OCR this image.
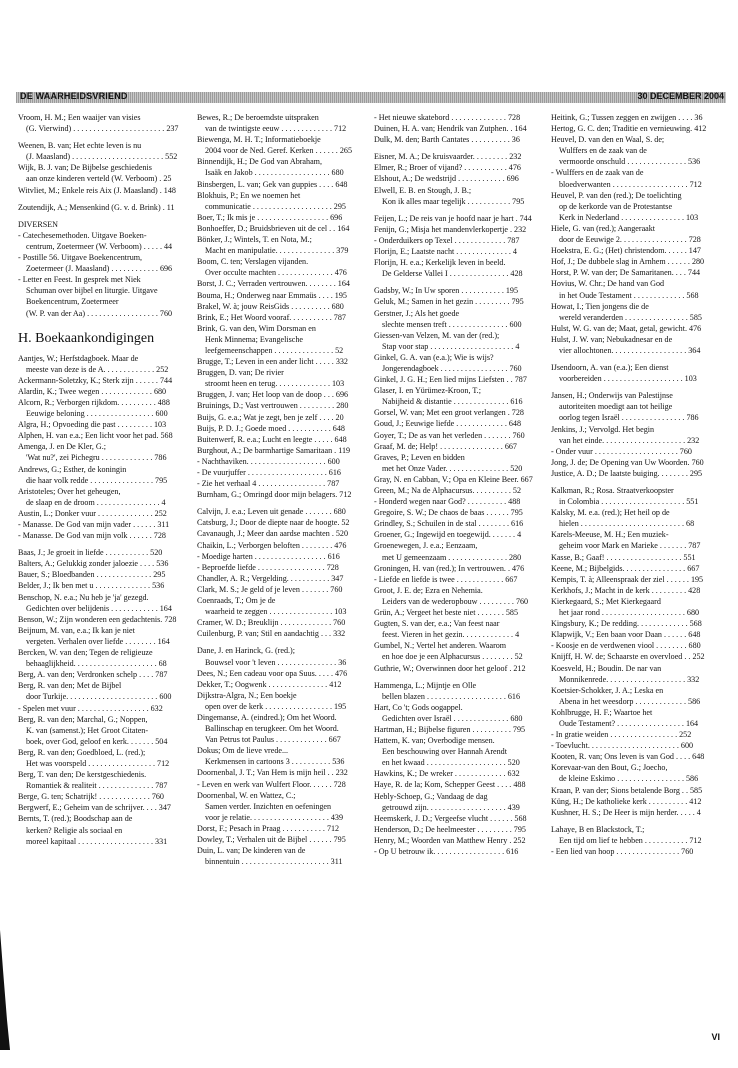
DE WAARHEIDSVRIEND	30 DECEMBER 2004
Vroom, H. M.; Een waaijer van visies
(G. Vierwind) . . . . . . . . . . . . . . . . . . . . . . . 237
Weenen, B. van; Het echte leven is nu
(J. Maasland) . . . . . . . . . . . . . . . . . . . . . . . 552
Wijk, B. J. van; De Bijbelse geschiedenis
aan onze kinderen verteld (W. Verboom) . 25
Witvliet, M.; Enkele reis Aix (J. Maasland) . 148
Zoutendijk, A.; Mensenkind (G. v. d. Brink) . 11
DIVERSEN
- Catechesemethoden. Uitgave Boeken-
centrum, Zoetermeer (W. Verboom) . . . . . 44
- Postille 56. Uitgave Boekencentrum,
Zoetermeer (J. Maasland) . . . . . . . . . . . . 696
- Letter en Feest. In gesprek met Niek
Schuman over bijbel en liturgie. Uitgave
Boekencentrum, Zoetermeer
(W. P. van der Aa) . . . . . . . . . . . . . . . . . . 760
H. Boekaankondigingen
Aantjes, W.; Herfstdagboek. Maar de
meeste van deze is de A. . . . . . . . . . . . . 252
Ackermann-Soletzky, K.; Sterk zijn . . . . . . 744
Alardin, K.; Twee wegen . . . . . . . . . . . . . 680
Alcorn, R.; Verborgen rijkdom. . . . . . . . . . 488
Eeuwige beloning . . . . . . . . . . . . . . . . . 600
Algra, H.; Opvoeding die past . . . . . . . . . 103
Alphen, H. van e.a.; Een licht voor het pad. 568
Amenga, J. en De Kler, G.;
'Wat nu?', zei Pichegru . . . . . . . . . . . . . 786
Andrews, G.; Esther, de koningin
die haar volk redde . . . . . . . . . . . . . . . . 795
Aristoteles; Over het geheugen,
de slaap en de droom . . . . . . . . . . . . . . . . 4
Austin, L.; Donker vuur . . . . . . . . . . . . . . 252
- Manasse. De God van mijn vader . . . . . . 311
- Manasse. De God van mijn volk . . . . . . 728
Baas, J.; Je groeit in liefde . . . . . . . . . . . 520
Balters, A.; Gelukkig zonder jaloezie . . . . 536
Bauer, S.; Bloedbanden . . . . . . . . . . . . . . 295
Belder, J.; Ik ben met u . . . . . . . . . . . . . . 536
Benschop, N. e.a.; Nu heb je 'ja' gezegd.
Gedichten over belijdenis . . . . . . . . . . . . 164
Benson, W.; Zijn wonderen een gedachtenis. 728
Beijnum, M. van, e.a.; Ik kan je niet
vergeten. Verhalen over liefde . . . . . . . . 164
Bercken, W. van den; Tegen de religieuze
behaaglijkheid. . . . . . . . . . . . . . . . . . . . . 68
Berg, A. van den; Verdronken schelp . . . . 787
Berg, R. van den; Met de Bijbel
door Turkije. . . . . . . . . . . . . . . . . . . . . . . 600
- Spelen met vuur . . . . . . . . . . . . . . . . . . 632
Berg, R. van den; Marchal, G.; Noppen,
K. van (samenst.); Het Groot Citaten-
boek, over God, geloof en kerk. . . . . . . 504
Berg, R. van den; Goedbloed, L. (red.);
Het was voorspeld . . . . . . . . . . . . . . . . . 712
Berg, T. van den; De kerstgeschiedenis.
Romantiek & realiteit . . . . . . . . . . . . . . 787
Berge, G. ten; Schatrijk! . . . . . . . . . . . . . 760
Bergwerf, E.; Geheim van de schrijver. . . . 347
Bernts, T. (red.); Boodschap aan de
kerken? Religie als sociaal en
moreel kapitaal . . . . . . . . . . . . . . . . . . . 331
Bewes, R.; De beroemdste uitspraken
van de twintigste eeuw . . . . . . . . . . . . . 712
Biewenga, M. H. T.; Informatieboekje
2004 voor de Ned. Geref. Kerken . . . . . . 265
Binnendijk, H.; De God van Abraham,
Isaäk en Jakob . . . . . . . . . . . . . . . . . . . 680
Binsbergen, L. van; Gek van guppies . . . . 648
Blokhuis, P.; En we noemen het
communicatie . . . . . . . . . . . . . . . . . . . . 295
Boer, T.; Ik mis je . . . . . . . . . . . . . . . . . . 696
Bonhoeffer, D.; Bruidsbrieven uit de cel . . 164
Bönker, J.; Wintels, T. en Nota, M.;
Macht en manipulatie. . . . . . . . . . . . . . . 379
Boom, C. ten; Verslagen vijanden.
Over occulte machten . . . . . . . . . . . . . . 476
Borst, J. C.; Verraden vertrouwen. . . . . . . . 164
Bouma, H.; Onderweg naar Emmaüs . . . . 195
Brakel, W. à; jouw ReisGids . . . . . . . . . . 680
Brink, E.; Het Woord vooraf. . . . . . . . . . . 787
Brink, G. van den, Wim Dorsman en
Henk Minnema; Evangelische
leefgemeenschappen . . . . . . . . . . . . . . . 52
Brugge, T.; Leven in een ander licht . . . . . 332
Bruggen, D. van; De rivier
stroomt heen en terug. . . . . . . . . . . . . . 103
Bruggen, J. van; Het loop van de doop . . . 696
Bruinings, D.; Vast vertrouwen . . . . . . . . . 280
Buijs, G. e.a.; Wat je zegt, ben je zelf . . . . 20
Buijs, P. D. J.; Goede moed . . . . . . . . . . . 648
Buitenwerf, R. e.a.; Lucht en leegte . . . . . 648
Burghout, A.; De barmhartige Samaritaan . 119
- Nachthaviken. . . . . . . . . . . . . . . . . . . . 600
- De vuurjuffer . . . . . . . . . . . . . . . . . . . . 616
- Zie het verhaal 4 . . . . . . . . . . . . . . . . . 787
Burnham, G.; Omringd door mijn belagers. 712
Calvijn, J. e.a.; Leven uit genade . . . . . . . 680
Catsburg, J.; Door de diepte naar de hoogte. 52
Cavanaugh, J.; Meer dan aardse machten . 520
Chaikin, L.; Verborgen beloften . . . . . . . . 476
- Moedige harten . . . . . . . . . . . . . . . . . . 616
- Beproefde liefde . . . . . . . . . . . . . . . . . 728
Chandler, A. R.; Vergelding. . . . . . . . . . . 347
Clark, M. S.; Je geld of je leven . . . . . . . 760
Coenraads, T.; Om je de
waarheid te zeggen . . . . . . . . . . . . . . . . 103
Cramer, W. D.; Breuklijn . . . . . . . . . . . . . 760
Cuilenburg, P. van; Stil en aandachtig . . . 332
Dane, J. en Harinck, G. (red.);
Bouwsel voor 't leven . . . . . . . . . . . . . . . 36
Dees, N.; Een cadeau voor opa Suus. . . . . 476
Dekker, T.; Oogwenk . . . . . . . . . . . . . . . 412
Dijkstra-Algra, N.; Een boekje
open over de kerk . . . . . . . . . . . . . . . . . 195
Dingemanse, A. (eindred.); Om het Woord.
Ballinschap en terugkeer. Om het Woord.
Van Petrus tot Paulus . . . . . . . . . . . . . 667
Dokus; Om de lieve vrede...
Kerkmensen in cartoons 3 . . . . . . . . . . 536
Doornenbal, J. T.; Van Hem is mijn heil . . 232
- Leven en werk van Wulfert Floor. . . . . . 728
Doornenbal, W. en Wattez, C.;
Samen verder. Inzichten en oefeningen
voor je relatie. . . . . . . . . . . . . . . . . . . . 439
Dorst, F.; Pesach in Praag . . . . . . . . . . . 712
Dowley, T.; Verhalen uit de Bijbel . . . . . . 795
Duin, L. van; De kinderen van de
binnentuin . . . . . . . . . . . . . . . . . . . . . . 311
- Het nieuwe skatebord . . . . . . . . . . . . . . 728
Duinen, H. A. van; Hendrik van Zutphen. . 164
Dulk, M. den; Barth Cantates . . . . . . . . . . 36
Eisner, M. A.; De kruisvaarder. . . . . . . . . 232
Elmer, R.; Broer of vijand? . . . . . . . . . . . 476
Elshout, A.; De wedstrijd . . . . . . . . . . . . 696
Elwell, E. B. en Stough, J. B.;
Kon ik alles maar tegelijk . . . . . . . . . . . 795
Feijen, L.; De reis van je hoofd naar je hart . 744
Fenijn, G.; Misja het mandenvlerkopertje . 232
- Onderduikers op Texel . . . . . . . . . . . . . 787
Florijn, E.; Laatste nacht . . . . . . . . . . . . . . 4
Florijn, H. e.a.; Kerkelijk leven in beeld.
De Gelderse Vallei I . . . . . . . . . . . . . . . 428
Gadsby, W.; In Uw sporen . . . . . . . . . . . 195
Geluk, M.; Samen in het gezin . . . . . . . . . 795
Gerstner, J.; Als het goede
slechte mensen treft . . . . . . . . . . . . . . . 600
Giessen-van Velzen, M. van der (red.);
Stap voor stap . . . . . . . . . . . . . . . . . . . . . 4
Ginkel, G. A. van (e.a.); Wie is wijs?
Jongerendagboek . . . . . . . . . . . . . . . . . 760
Ginkel, J. G. H.; Een lied mijns Liefsten . . 787
Glaser, I. en Yürümez-Kroon, T.;
Nabijheid & distantie . . . . . . . . . . . . . . 616
Gorsel, W. van; Met een groot verlangen . 728
Goud, J.; Eeuwige liefde . . . . . . . . . . . . . 648
Goyer, T.; De as van het verleden . . . . . . . 760
Graaf, M. de; Help! . . . . . . . . . . . . . . . . 667
Graves, P.; Leven en bidden
met het Onze Vader. . . . . . . . . . . . . . . . 520
Gray, N. en Cabban, V.; Opa en Kleine Beer. 667
Green, M.; Na de Alphacursus. . . . . . . . . . 52
- Honderd wegen naar God? . . . . . . . . . . 488
Gregoire, S. W.; De chaos de baas . . . . . . 795
Grindley, S.; Schuilen in de stal . . . . . . . . 616
Groener, G.; Ingewijd en toegewijd. . . . . . . 4
Groenewegen, J. e.a.; Eenzaam,
met U gemeenzaam . . . . . . . . . . . . . . . 280
Groningen, H. van (red.); In vertrouwen. . 476
- Liefde en liefde is twee . . . . . . . . . . . . 667
Groot, J. E. de; Ezra en Nehemia.
Leiders van de wederopbouw . . . . . . . . . 760
Grün, A.; Vergeet het beste niet . . . . . . . 585
Gugten, S. van der, e.a.; Van feest naar
feest. Vieren in het gezin. . . . . . . . . . . . . 4
Gumbel, N.; Vertel het anderen. Waarom
en hoe doe je een Alphacursus . . . . . . . . 52
Guthrie, W.; Overwinnen door het geloof . 212
Hammenga, L.; Mijntje en Olle
bellen blazen . . . . . . . . . . . . . . . . . . . . 616
Hart, Co 't; Gods oogappel.
Gedichten over Israël . . . . . . . . . . . . . . 680
Hartman, H.; Bijbelse figuren . . . . . . . . . . 795
Hattem, K. van; Overbodige mensen.
Een beschouwing over Hannah Arendt
en het kwaad . . . . . . . . . . . . . . . . . . . . 520
Hawkins, K.; De wreker . . . . . . . . . . . . . 632
Haye, R. de la; Kom, Schepper Geest . . . . 488
Hebly-Schoep, G.; Vandaag de dag
getrouwd zijn. . . . . . . . . . . . . . . . . . . . 439
Heemskerk, J. D.; Vergeefse vlucht . . . . . . 568
Henderson, D.; De heelmeester . . . . . . . . . 795
Henry, M.; Woorden van Matthew Henry . 252
- Op U betrouw ik. . . . . . . . . . . . . . . . . . 616
Heitink, G.; Tussen zeggen en zwijgen . . . . 36
Hertog, G. C. den; Traditie en vernieuwing. 412
Heuvel, D. van den en Waal, S. de;
Wulffers en de zaak van de
vermoorde onschuld . . . . . . . . . . . . . . . 536
- Wulffers en de zaak van de
bloedverwanten . . . . . . . . . . . . . . . . . . . 712
Heuvel, P. van den (red.); De toelichting
op de kerkorde van de Protestantse
Kerk in Nederland . . . . . . . . . . . . . . . . 103
Hiele, G. van (red.); Aangeraakt
door de Eeuwige 2. . . . . . . . . . . . . . . . . 728
Hoekstra, E. G.; (Het) christendom. . . . . . 147
Hof, J.; De dubbele slag in Arnhem . . . . . . 280
Horst, P. W. van der; De Samaritanen. . . . 744
Hovius, W. Chr.; De hand van God
in het Oude Testament . . . . . . . . . . . . . 568
Howat, I.; Tien jongens die de
wereld veranderden . . . . . . . . . . . . . . . . 585
Hulst, W. G. van de; Maat, getal, gewicht. 476
Hulst, J. W. van; Nebukadnesar en de
vier allochtonen. . . . . . . . . . . . . . . . . . . 364
IJsendoorn, A. van (e.a.); Een dienst
voorbereiden . . . . . . . . . . . . . . . . . . . . 103
Jansen, H.; Onderwijs van Palestijnse
autoriteiten moedigt aan tot heilige
oorlog tegen Israël . . . . . . . . . . . . . . . . 786
Jenkins, J.; Vervolgd. Het begin
van het einde. . . . . . . . . . . . . . . . . . . . . 232
- Onder vuur . . . . . . . . . . . . . . . . . . . . . 760
Jong, J. de; De Opening van Uw Woorden. 760
Justice, A. D.; De laatste buiging. . . . . . . . 295
Kalkman, R.; Rosa. Straatverkoopster
in Colombia . . . . . . . . . . . . . . . . . . . . . 551
Kalsky, M. e.a. (red.); Het heil op de
hielen . . . . . . . . . . . . . . . . . . . . . . . . . . 68
Karels-Meeuse, M. H.; Een muziek-
geheim voor Mark en Marieke . . . . . . . 787
Kasse, B.; Gaaf! . . . . . . . . . . . . . . . . . . . 551
Keene, M.; Bijbelgids. . . . . . . . . . . . . . . . 667
Kempis, T. à; Alleenspraak der ziel . . . . . . 195
Kerkhofs, J.; Macht in de kerk . . . . . . . . . 428
Kierkegaard, S.; Met Kierkegaard
het jaar rond . . . . . . . . . . . . . . . . . . . . . 680
Kingsbury, K.; De redding. . . . . . . . . . . . . 568
Klapwijk, V.; Een baan voor Daan . . . . . . 648
- Koosje en de verdwenen viool . . . . . . . . 680
Knijff, H. W. de; Schaarste en overvloed . . 252
Koesveld, H.; Boudin. De nar van
Monnikenrede. . . . . . . . . . . . . . . . . . . . 332
Koetsier-Schokker, J. A.; Leska en
Abena in het weesdorp . . . . . . . . . . . . . 586
Kohlbrugge, H. F.; Waartoe het
Oude Testament? . . . . . . . . . . . . . . . . . 164
- In gratie weiden . . . . . . . . . . . . . . . . . 252
- Toevlucht. . . . . . . . . . . . . . . . . . . . . . . 600
Kooten, R. van; Ons leven is van God . . . . 648
Korevaar-van den Bout, G.; Joecho,
de kleine Eskimo . . . . . . . . . . . . . . . . . 586
Kraan, P. van der; Sions betalende Borg . . 585
Küng, H.; De katholieke kerk . . . . . . . . . . 412
Kushner, H. S.; De Heer is mijn herder. . . . . 4
Lahaye, B en Blackstock, T.;
Een tijd om lief te hebben . . . . . . . . . . . 712
- Een lied van hoop . . . . . . . . . . . . . . . . 760
VI
